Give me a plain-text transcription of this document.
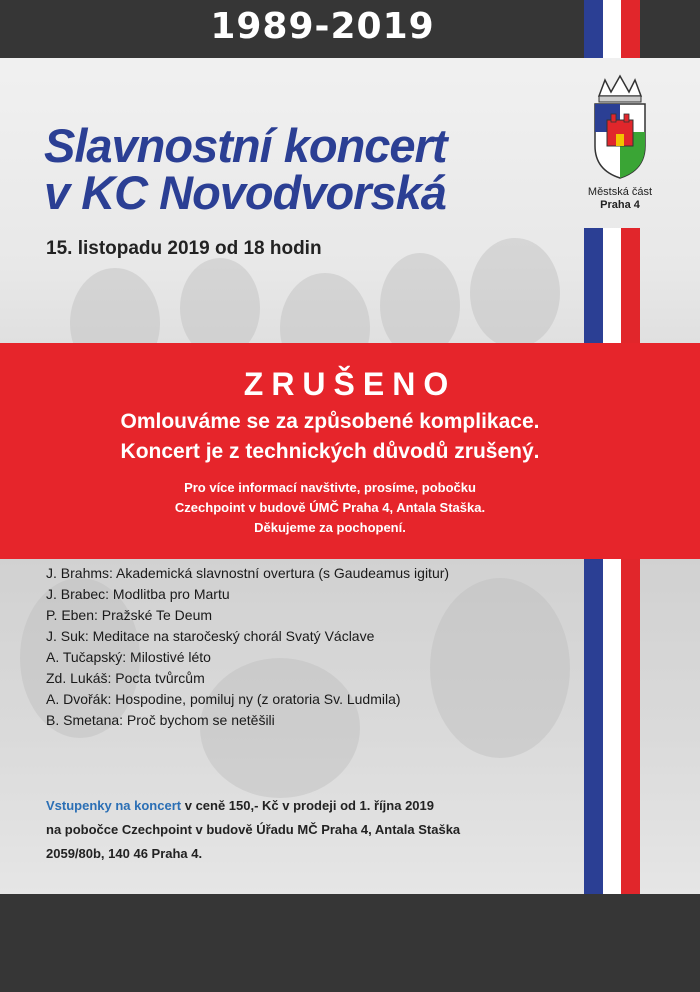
1989-2019
Městská část
Praha 4
Slavnostní koncert
v KC Novodvorská
15. listopadu 2019 od 18 hodin
ZRUŠENO
Omlouváme se za způsobené komplikace.
Koncert je z technických důvodů zrušený.
Pro více informací navštivte, prosíme, pobočku
Czechpoint v budově ÚMČ Praha 4, Antala Staška.
Děkujeme za pochopení.
J. Brahms: Akademická slavnostní overtura (s Gaudeamus igitur)
J. Brabec: Modlitba pro Martu
P. Eben: Pražské Te Deum
J. Suk: Meditace na staročeský chorál Svatý Václave
A. Tučapský: Milostivé léto
Zd. Lukáš: Pocta tvůrcům
A. Dvořák: Hospodine, pomiluj ny (z oratoria Sv. Ludmila)
B. Smetana: Proč bychom se netěšili
Vstupenky na koncert v ceně 150,- Kč v prodeji od 1. října 2019
na pobočce Czechpoint v budově Úřadu MČ Praha 4, Antala Staška
2059/80b, 140 46 Praha 4.
